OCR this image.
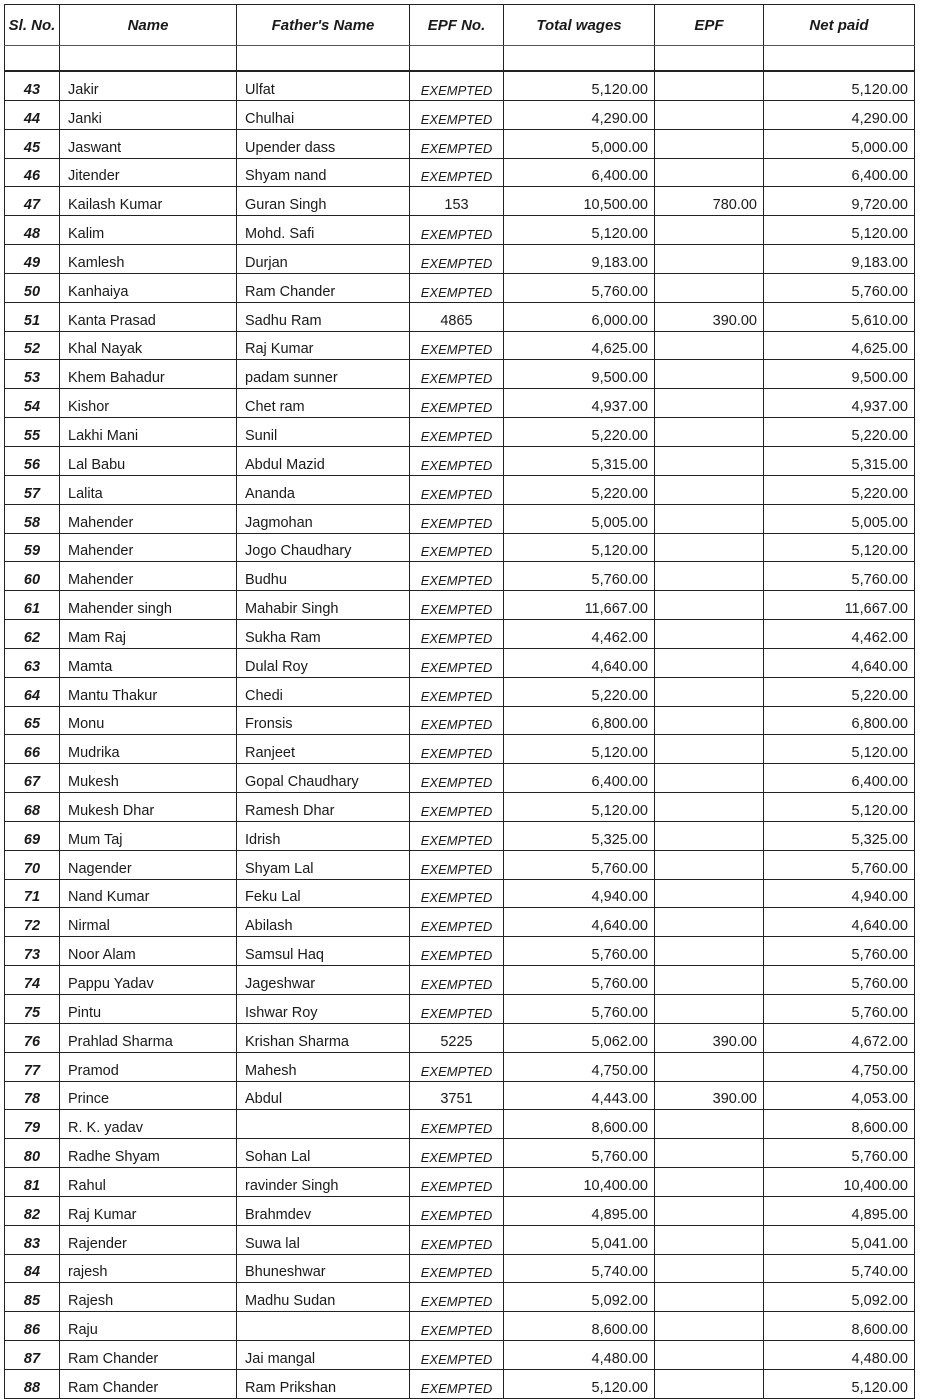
Sl. No.	Name	Father's Name	EPF No.	Total wages	EPF	Net paid

43	Jakir	Ulfat	EXEMPTED	5,120.00		5,120.00
44	Janki	Chulhai	EXEMPTED	4,290.00		4,290.00
45	Jaswant	Upender dass	EXEMPTED	5,000.00		5,000.00
46	Jitender	Shyam nand	EXEMPTED	6,400.00		6,400.00
47	Kailash Kumar	Guran Singh	153	10,500.00	780.00	9,720.00
48	Kalim	Mohd. Safi	EXEMPTED	5,120.00		5,120.00
49	Kamlesh	Durjan	EXEMPTED	9,183.00		9,183.00
50	Kanhaiya	Ram Chander	EXEMPTED	5,760.00		5,760.00
51	Kanta Prasad	Sadhu Ram	4865	6,000.00	390.00	5,610.00
52	Khal Nayak	Raj Kumar	EXEMPTED	4,625.00		4,625.00
53	Khem Bahadur	padam sunner	EXEMPTED	9,500.00		9,500.00
54	Kishor	Chet ram	EXEMPTED	4,937.00		4,937.00
55	Lakhi Mani	Sunil	EXEMPTED	5,220.00		5,220.00
56	Lal Babu	Abdul Mazid	EXEMPTED	5,315.00		5,315.00
57	Lalita	Ananda	EXEMPTED	5,220.00		5,220.00
58	Mahender	Jagmohan	EXEMPTED	5,005.00		5,005.00
59	Mahender	Jogo Chaudhary	EXEMPTED	5,120.00		5,120.00
60	Mahender	Budhu	EXEMPTED	5,760.00		5,760.00
61	Mahender singh	Mahabir Singh	EXEMPTED	11,667.00		11,667.00
62	Mam Raj	Sukha Ram	EXEMPTED	4,462.00		4,462.00
63	Mamta	Dulal Roy	EXEMPTED	4,640.00		4,640.00
64	Mantu Thakur	Chedi	EXEMPTED	5,220.00		5,220.00
65	Monu	Fronsis	EXEMPTED	6,800.00		6,800.00
66	Mudrika	Ranjeet	EXEMPTED	5,120.00		5,120.00
67	Mukesh	Gopal Chaudhary	EXEMPTED	6,400.00		6,400.00
68	Mukesh Dhar	Ramesh Dhar	EXEMPTED	5,120.00		5,120.00
69	Mum Taj	Idrish	EXEMPTED	5,325.00		5,325.00
70	Nagender	Shyam Lal	EXEMPTED	5,760.00		5,760.00
71	Nand Kumar	Feku Lal	EXEMPTED	4,940.00		4,940.00
72	Nirmal	Abilash	EXEMPTED	4,640.00		4,640.00
73	Noor Alam	Samsul Haq	EXEMPTED	5,760.00		5,760.00
74	Pappu Yadav	Jageshwar	EXEMPTED	5,760.00		5,760.00
75	Pintu	Ishwar Roy	EXEMPTED	5,760.00		5,760.00
76	Prahlad Sharma	Krishan Sharma	5225	5,062.00	390.00	4,672.00
77	Pramod	Mahesh	EXEMPTED	4,750.00		4,750.00
78	Prince	Abdul	3751	4,443.00	390.00	4,053.00
79	R. K. yadav		EXEMPTED	8,600.00		8,600.00
80	Radhe Shyam	Sohan Lal	EXEMPTED	5,760.00		5,760.00
81	Rahul	ravinder Singh	EXEMPTED	10,400.00		10,400.00
82	Raj Kumar	Brahmdev	EXEMPTED	4,895.00		4,895.00
83	Rajender	Suwa lal	EXEMPTED	5,041.00		5,041.00
84	rajesh	Bhuneshwar	EXEMPTED	5,740.00		5,740.00
85	Rajesh	Madhu Sudan	EXEMPTED	5,092.00		5,092.00
86	Raju		EXEMPTED	8,600.00		8,600.00
87	Ram Chander	Jai mangal	EXEMPTED	4,480.00		4,480.00
88	Ram Chander	Ram Prikshan	EXEMPTED	5,120.00		5,120.00
